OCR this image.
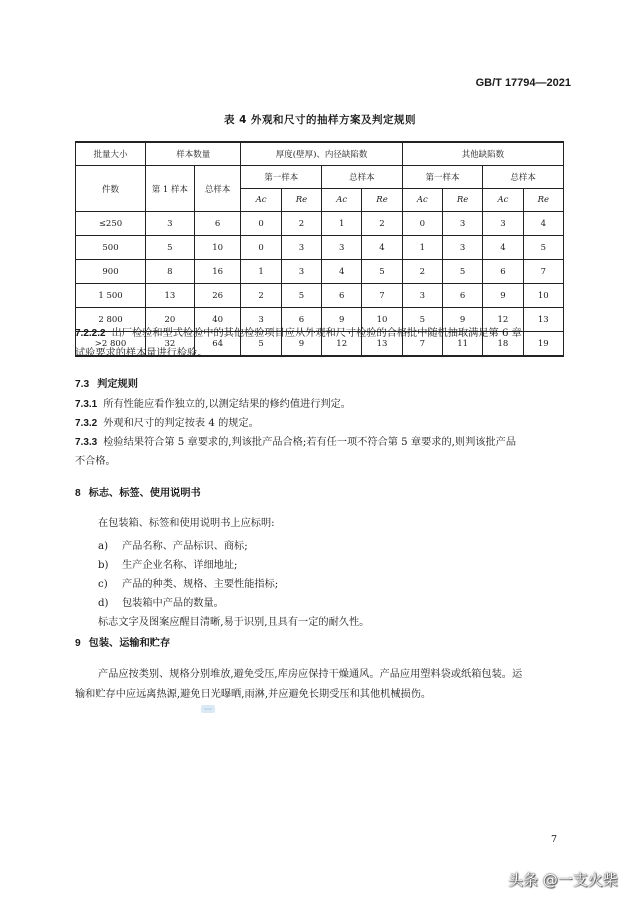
GB/T 17794—2021
表 4 外观和尺寸的抽样方案及判定规则
批量大小	样本数量		厚度(壁厚)、内径缺陷数				其他缺陷数			
件数	第 1 样本	总样本	第一样本		总样本		第一样本		总样本	
			Ac	Re	Ac	Re	Ac	Re	Ac	Re
≤250	3	6	0	2	1	2	0	3	3	4
500	5	10	0	3	3	4	1	3	4	5
900	8	16	1	3	4	5	2	5	6	7
1 500	13	26	2	5	6	7	3	6	9	10
2 800	20	40	3	6	9	10	5	9	12	13
>2 800	32	64	5	9	12	13	7	11	18	19
7.2.2.2 出厂检验和型式检验中的其他检验项目应从外观和尺寸检验的合格批中随机抽取满足第 6 章
试验要求的样本量进行检验。
7.3 判定规则
7.3.1 所有性能应看作独立的,以测定结果的修约值进行判定。
7.3.2 外观和尺寸的判定按表 4 的规定。
7.3.3 检验结果符合第 5 章要求的,判该批产品合格;若有任一项不符合第 5 章要求的,则判该批产品
不合格。
8 标志、标签、使用说明书
在包装箱、标签和使用说明书上应标明:
a) 产品名称、产品标识、商标;
b) 生产企业名称、详细地址;
c) 产品的种类、规格、主要性能指标;
d) 包装箱中产品的数量。
标志文字及图案应醒目清晰,易于识别,且具有一定的耐久性。
9 包装、运输和贮存
产品应按类别、规格分别堆放,避免受压,库房应保持干燥通风。产品应用塑料袋或纸箱包装。运
输和贮存中应远离热源,避免日光曝晒,雨淋,并应避免长期受压和其他机械损伤。
7
头条 @一支火柴
